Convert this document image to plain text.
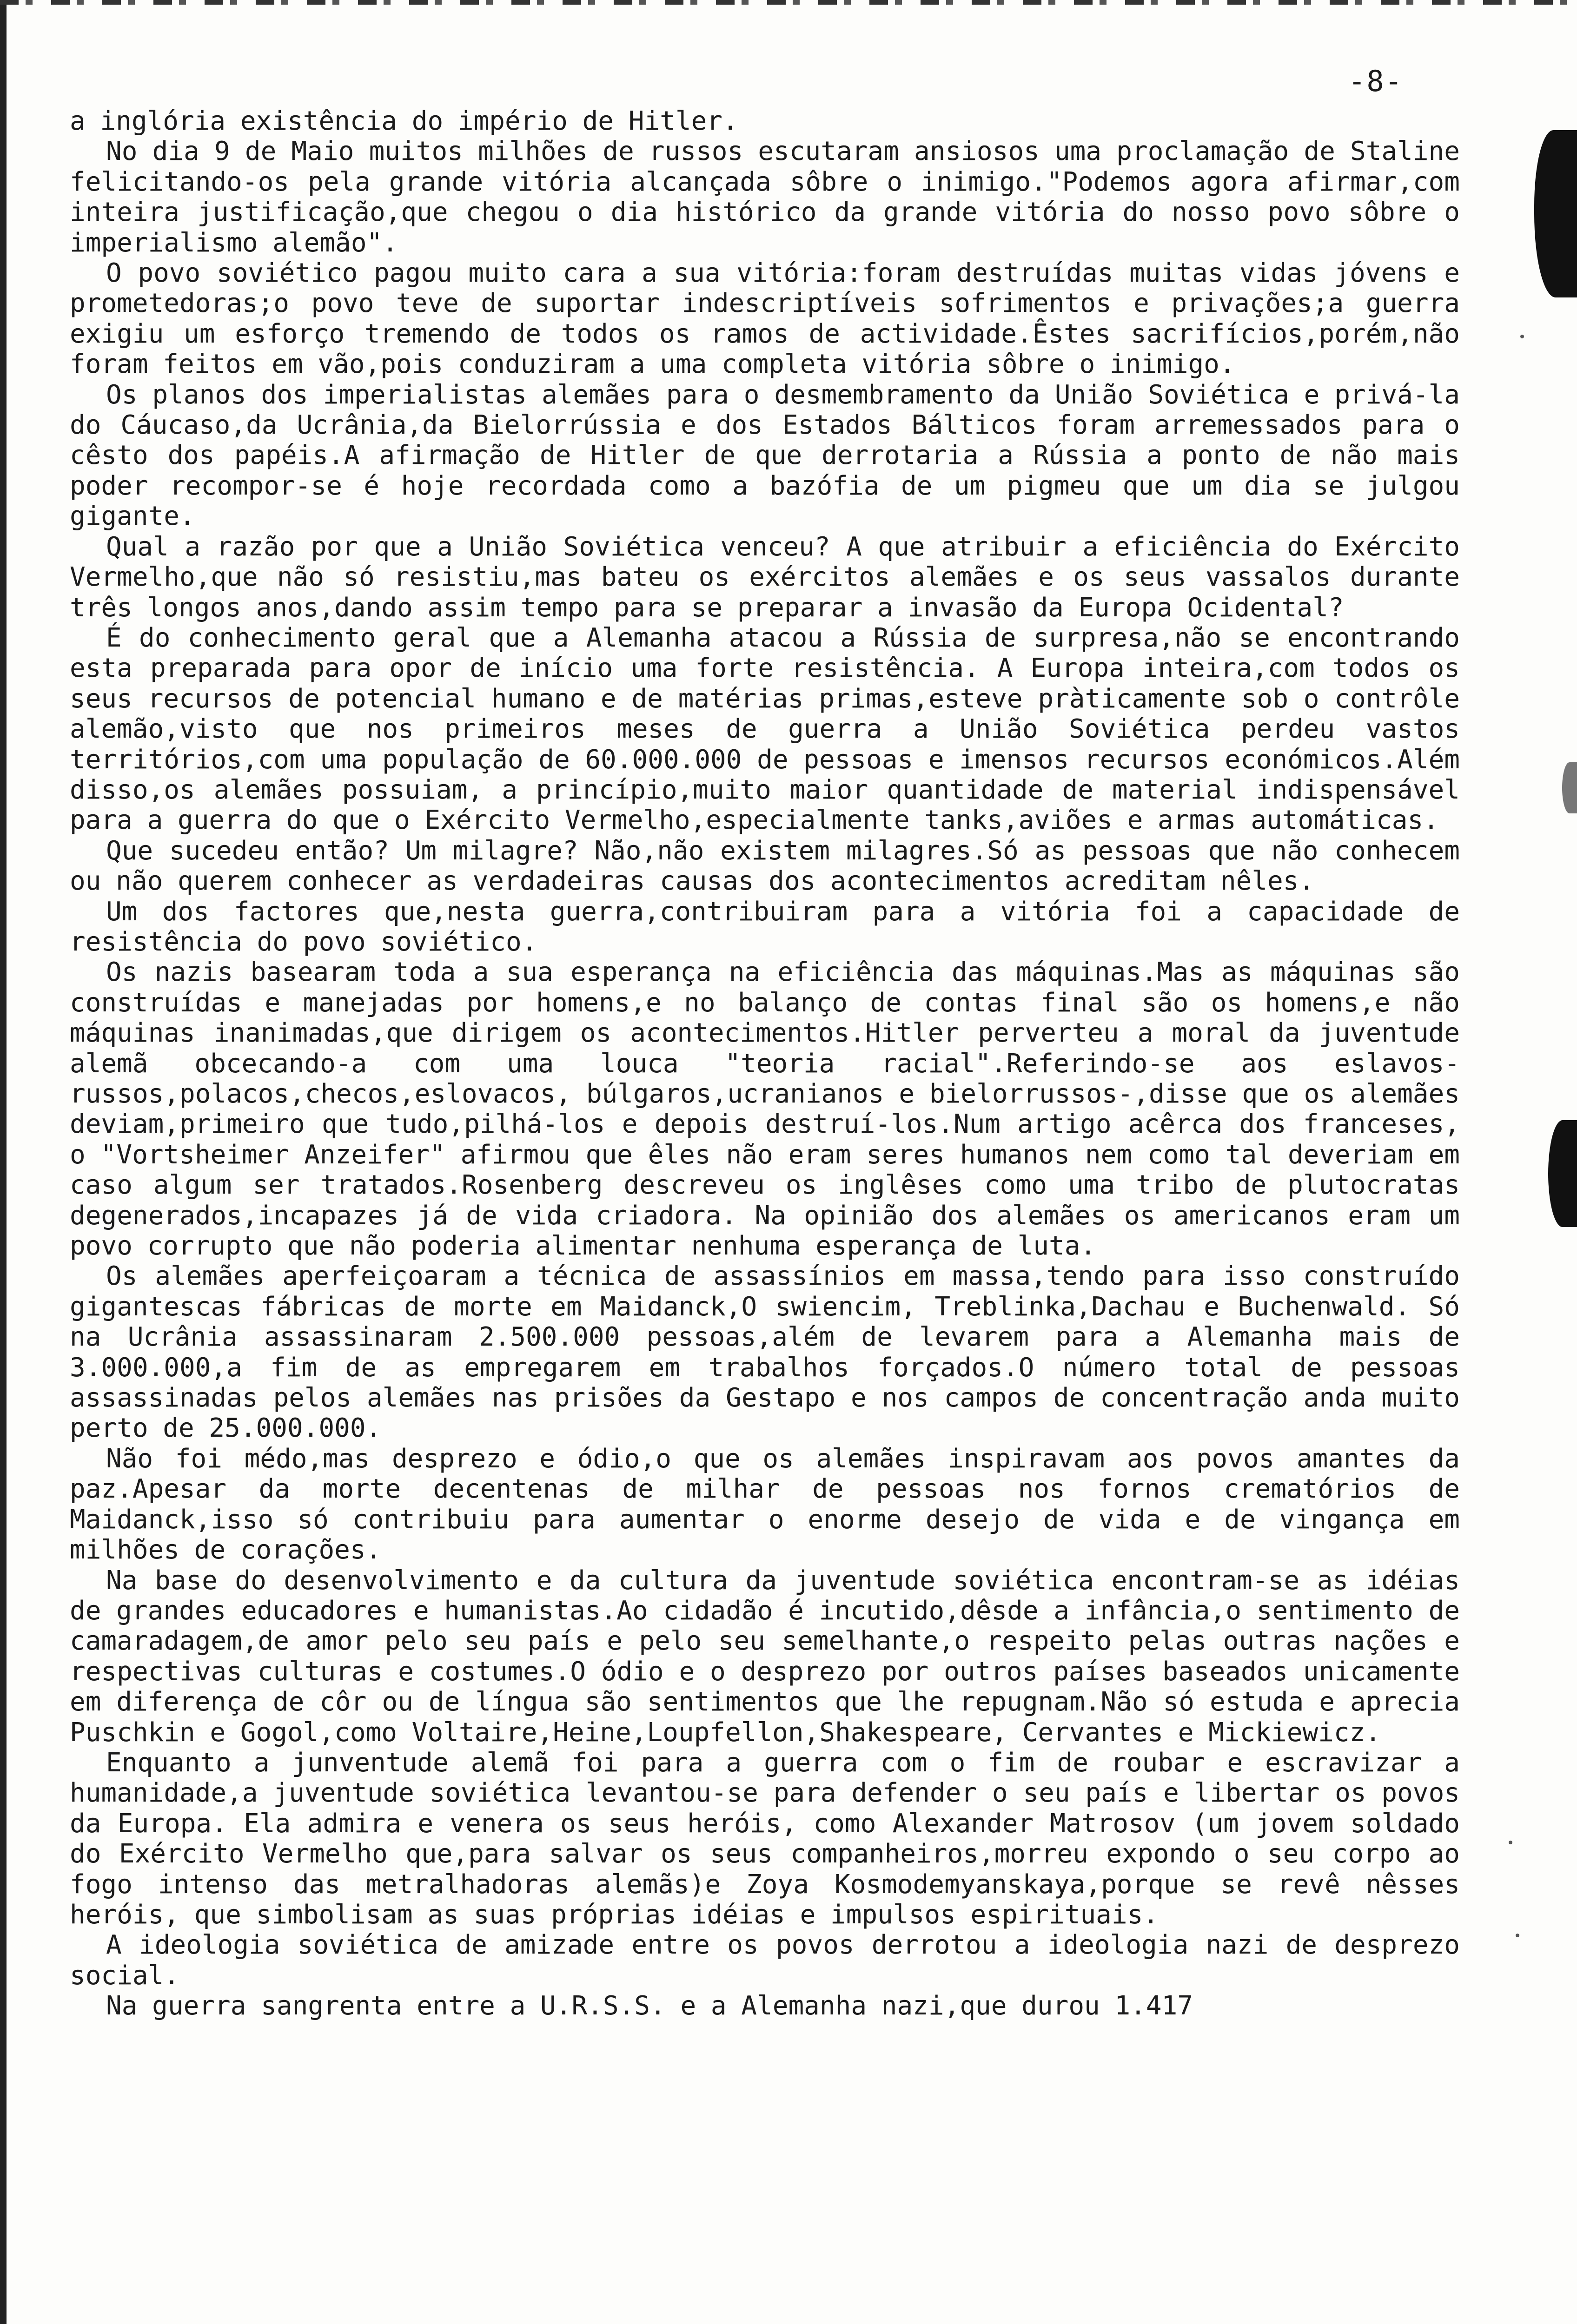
-8-

a inglória existência do império de Hitler.

No dia 9 de Maio muitos milhões de russos escutaram ansiosos uma proclamação de Staline felicitando-os pela grande vitória alcançada sôbre o inimigo."Podemos agora afirmar,com inteira justificação,que chegou o dia histórico da grande vitória do nosso povo sôbre o imperialismo alemão".

O povo soviético pagou muito cara a sua vitória:foram destruídas muitas vidas jóvens e prometedoras;o povo teve de suportar indescriptíveis sofrimentos e privações;a guerra exigiu um esforço tremendo de todos os ramos de actividade.Êstes sacrifícios,porém,não foram feitos em vão,pois conduziram a uma completa vitória sôbre o inimigo.

Os planos dos imperialistas alemães para o desmembramento da União Soviética e privá-la do Cáucaso,da Ucrânia,da Bielorrússia e dos Estados Bálticos foram arremessados para o cêsto dos papéis.A afirmação de Hitler de que derrotaria a Rússia a ponto de não mais poder recompor-se é hoje recordada como a bazófia de um pigmeu que um dia se julgou gigante.

Qual a razão por que a União Soviética venceu? A que atribuir a eficiência do Exército Vermelho,que não só resistiu,mas bateu os exércitos alemães e os seus vassalos durante três longos anos,dando assim tempo para se preparar a invasão da Europa Ocidental?

É do conhecimento geral que a Alemanha atacou a Rússia de surpresa,não se encontrando esta preparada para opor de início uma forte resistência. A Europa inteira,com todos os seus recursos de potencial humano e de matérias primas,esteve pràticamente sob o contrôle alemão,visto que nos primeiros meses de guerra a União Soviética perdeu vastos territórios,com uma população de 60.000.000 de pessoas e imensos recursos económicos.Além disso,os alemães possuiam, a princípio,muito maior quantidade de material indispensável para a guerra do que o Exército Vermelho,especialmente tanks,aviões e armas automáticas.

Que sucedeu então? Um milagre? Não,não existem milagres.Só as pessoas que não conhecem ou não querem conhecer as verdadeiras causas dos acontecimentos acreditam nêles.

Um dos factores que,nesta guerra,contribuiram para a vitória foi a capacidade de resistência do povo soviético.

Os nazis basearam toda a sua esperança na eficiência das máquinas.Mas as máquinas são construídas e manejadas por homens,e no balanço de contas final são os homens,e não máquinas inanimadas,que dirigem os acontecimentos.Hitler perverteu a moral da juventude alemã obcecando-a com uma louca "teoria racial".Referindo-se aos eslavos-russos,polacos,checos,eslovacos, búlgaros,ucranianos e bielorrussos-,disse que os alemães deviam,primeiro que tudo,pilhá-los e depois destruí-los.Num artigo acêrca dos franceses, o "Vortsheimer Anzeifer" afirmou que êles não eram seres humanos nem como tal deveriam em caso algum ser tratados.Rosenberg descreveu os inglêses como uma tribo de plutocratas degenerados,incapazes já de vida criadora. Na opinião dos alemães os americanos eram um povo corrupto que não poderia alimentar nenhuma esperança de luta.

Os alemães aperfeiçoaram a técnica de assassínios em massa,tendo para isso construído gigantescas fábricas de morte em Maidanck,O swiencim, Treblinka,Dachau e Buchenwald. Só na Ucrânia assassinaram 2.500.000 pessoas,além de levarem para a Alemanha mais de 3.000.000,a fim de as empregarem em trabalhos forçados.O número total de pessoas assassinadas pelos alemães nas prisões da Gestapo e nos campos de concentração anda muito perto de 25.000.000.

Não foi médo,mas desprezo e ódio,o que os alemães inspiravam aos povos amantes da paz.Apesar da morte decentenas de milhar de pessoas nos fornos crematórios de Maidanck,isso só contribuiu para aumentar o enorme desejo de vida e de vingança em milhões de corações.

Na base do desenvolvimento e da cultura da juventude soviética encontram-se as idéias de grandes educadores e humanistas.Ao cidadão é incutido,dêsde a infância,o sentimento de camaradagem,de amor pelo seu país e pelo seu semelhante,o respeito pelas outras nações e respectivas culturas e costumes.O ódio e o desprezo por outros países baseados unicamente em diferença de côr ou de língua são sentimentos que lhe repugnam.Não só estuda e aprecia Puschkin e Gogol,como Voltaire,Heine,Loupfellon,Shakespeare, Cervantes e Mickiewicz.

Enquanto a junventude alemã foi para a guerra com o fim de roubar e escravizar a humanidade,a juventude soviética levantou-se para defender o seu país e libertar os povos da Europa. Ela admira e venera os seus heróis, como Alexander Matrosov (um jovem soldado do Exército Vermelho que,para salvar os seus companheiros,morreu expondo o seu corpo ao fogo intenso das metralhadoras alemãs)e Zoya Kosmodemyanskaya,porque se revê nêsses heróis, que simbolisam as suas próprias idéias e impulsos espirituais.

A ideologia soviética de amizade entre os povos derrotou a ideologia nazi de desprezo social.

Na guerra sangrenta entre a U.R.S.S. e a Alemanha nazi,que durou 1.417
